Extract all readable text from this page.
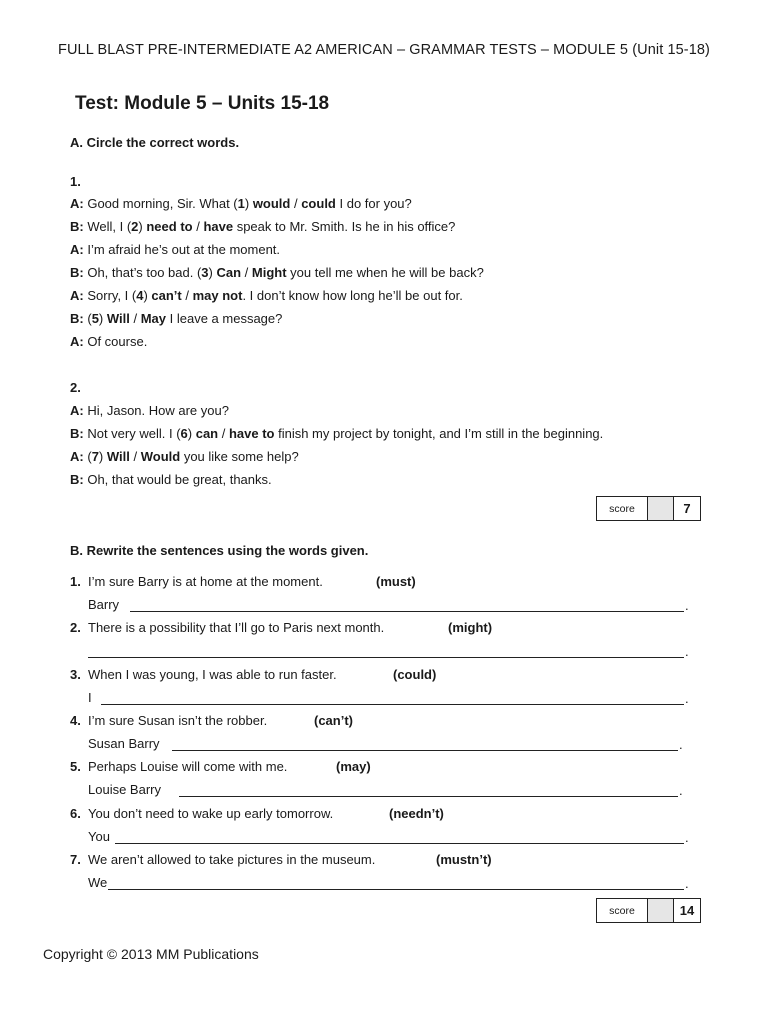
FULL BLAST PRE-INTERMEDIATE A2 AMERICAN – GRAMMAR TESTS – MODULE 5 (Unit 15-18)
Test: Module 5 – Units 15-18
A. Circle the correct words.
1.
A: Good morning, Sir. What (1) would / could I do for you?
B: Well, I (2) need to / have speak to Mr. Smith. Is he in his office?
A: I’m afraid he’s out at the moment.
B: Oh, that’s too bad. (3) Can / Might you tell me when he will be back?
A: Sorry, I (4) can’t / may not. I don’t know how long he’ll be out for.
B: (5) Will / May I leave a message?
A: Of course.
2.
A: Hi, Jason. How are you?
B: Not very well. I (6) can / have to finish my project by tonight, and I’m still in the beginning.
A: (7) Will / Would you like some help?
B: Oh, that would be great, thanks.
score	7
B. Rewrite the sentences using the words given.
1. I’m sure Barry is at home at the moment.	(must)
Barry	.
2. There is a possibility that I’ll go to Paris next month.	(might)
.
3. When I was young, I was able to run faster.	(could)
I	.
4. I’m sure Susan isn’t the robber.	(can’t)
Susan Barry	.
5. Perhaps Louise will come with me.	(may)
Louise Barry	.
6. You don’t need to wake up early tomorrow.	(needn’t)
You	.
7. We aren’t allowed to take pictures in the museum.	(mustn’t)
We	.
score	14
Copyright © 2013 MM Publications
